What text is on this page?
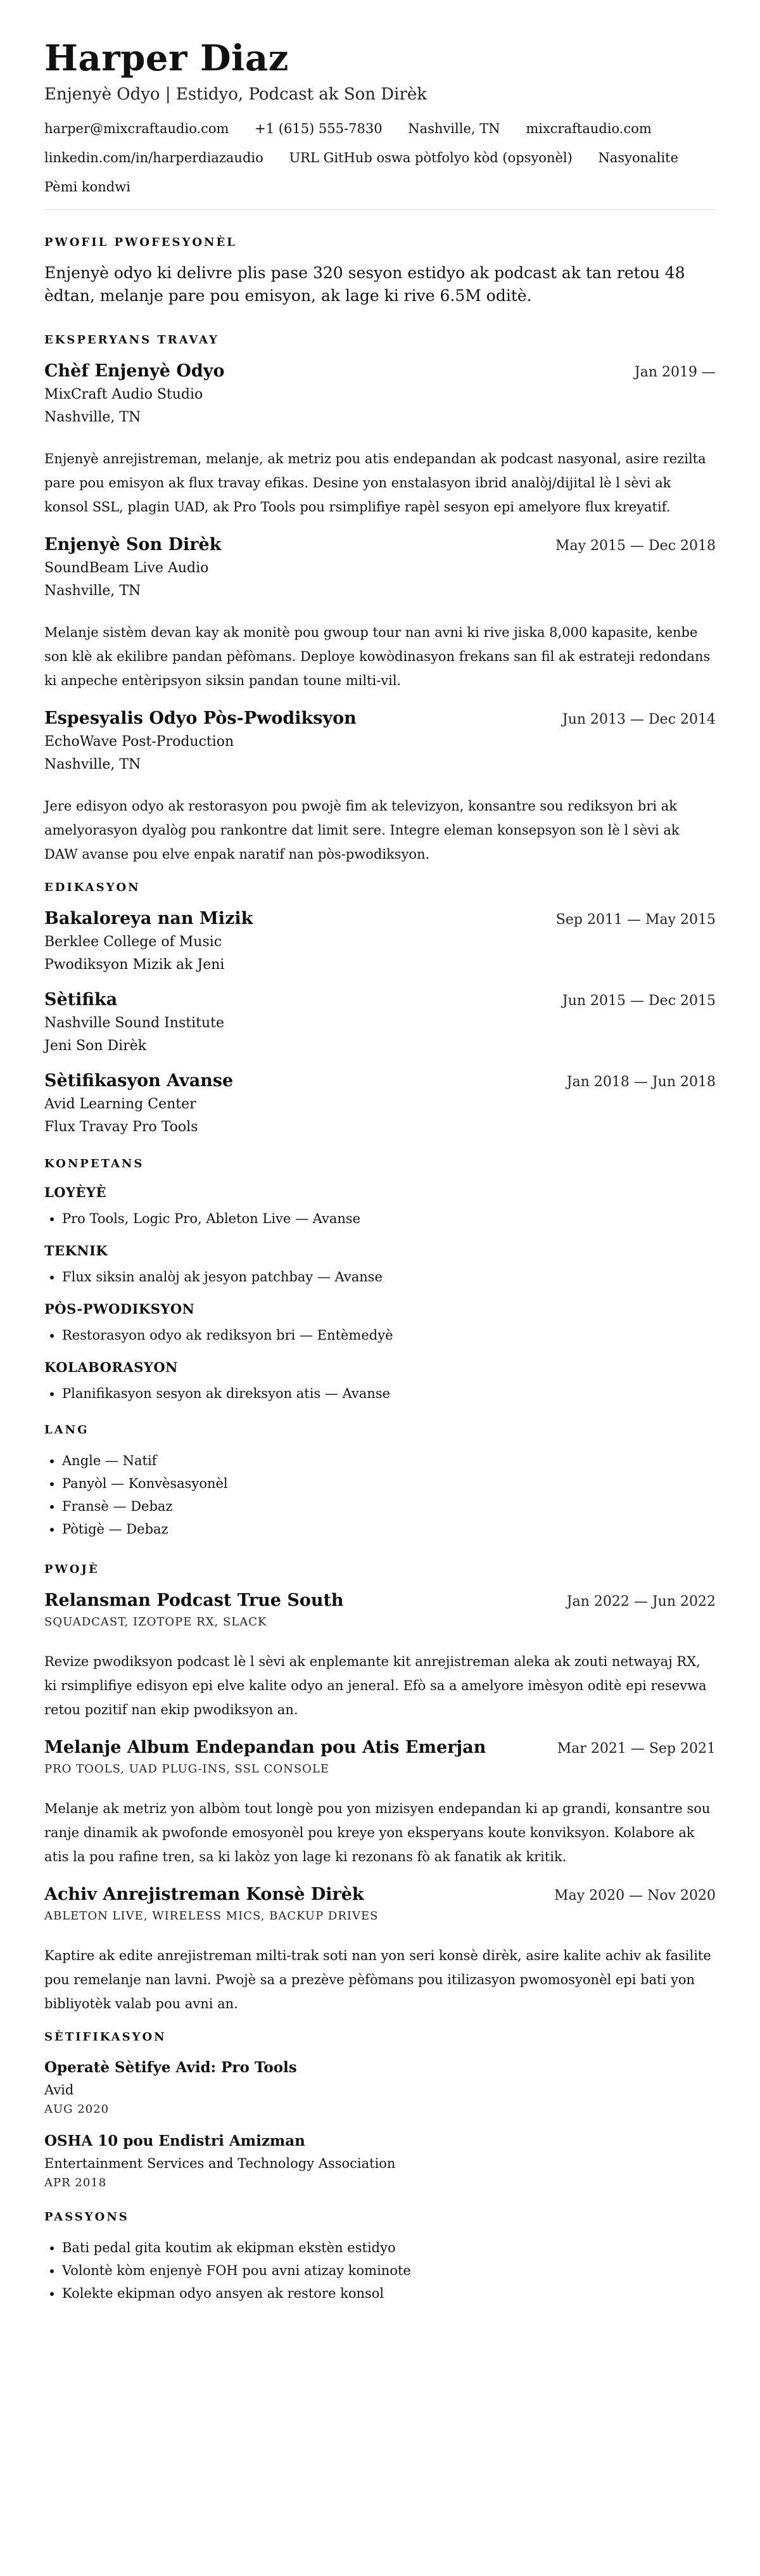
Harper Diaz
Enjenyè Odyo | Estidyo, Podcast ak Son Dirèk
harper@mixcraftaudio.com +1 (615) 555-7830 Nashville, TN mixcraftaudio.com
linkedin.com/in/harperdiazaudio URL GitHub oswa pòtfolyo kòd (opsyonèl) Nasyonalite
Pèmi kondwi
PWOFIL PWOFESYONÈL
Enjenyè odyo ki delivre plis pase 320 sesyon estidyo ak podcast ak tan retou 48 èdtan, melanje pare pou emisyon, ak lage ki rive 6.5M oditè.
EKSPERYANS TRAVAY
Chèf Enjenyè Odyo	Jan 2019 —
MixCraft Audio Studio
Nashville, TN
Enjenyè anrejistreman, melanje, ak metriz pou atis endepandan ak podcast nasyonal, asire rezilta pare pou emisyon ak flux travay efikas. Desine yon enstalasyon ibrid analòj/dijital lè l sèvi ak konsol SSL, plagin UAD, ak Pro Tools pou rsimplifiye rapèl sesyon epi amelyore flux kreyatif.
Enjenyè Son Dirèk	May 2015 — Dec 2018
SoundBeam Live Audio
Nashville, TN
Melanje sistèm devan kay ak monitè pou gwoup tour nan avni ki rive jiska 8,000 kapasite, kenbe son klè ak ekilibre pandan pèfòmans. Deploye kowòdinasyon frekans san fil ak estrateji redondans ki anpeche entèripsyon siksin pandan toune milti-vil.
Espesyalis Odyo Pòs-Pwodiksyon	Jun 2013 — Dec 2014
EchoWave Post-Production
Nashville, TN
Jere edisyon odyo ak restorasyon pou pwojè fim ak televizyon, konsantre sou rediksyon bri ak amelyorasyon dyalòg pou rankontre dat limit sere. Integre eleman konsepsyon son lè l sèvi ak DAW avanse pou elve enpak naratif nan pòs-pwodiksyon.
EDIKASYON
Bakaloreya nan Mizik	Sep 2011 — May 2015
Berklee College of Music
Pwodiksyon Mizik ak Jeni
Sètifika	Jun 2015 — Dec 2015
Nashville Sound Institute
Jeni Son Dirèk
Sètifikasyon Avanse	Jan 2018 — Jun 2018
Avid Learning Center
Flux Travay Pro Tools
KONPETANS
LOYÈYÈ
• Pro Tools, Logic Pro, Ableton Live — Avanse
TEKNIK
• Flux siksin analòj ak jesyon patchbay — Avanse
PÒS-PWODIKSYON
• Restorasyon odyo ak rediksyon bri — Entèmedyè
KOLABORASYON
• Planifikasyon sesyon ak direksyon atis — Avanse
LANG
• Angle — Natif
• Panyòl — Konvèsasyonèl
• Fransè — Debaz
• Pòtigè — Debaz
PWOJÈ
Relansman Podcast True South	Jan 2022 — Jun 2022
SQUADCAST, IZOTOPE RX, SLACK
Revize pwodiksyon podcast lè l sèvi ak enplemante kit anrejistreman aleka ak zouti netwayaj RX, ki rsimplifiye edisyon epi elve kalite odyo an jeneral. Efò sa a amelyore imèsyon oditè epi resevwa retou pozitif nan ekip pwodiksyon an.
Melanje Album Endepandan pou Atis Emerjan	Mar 2021 — Sep 2021
PRO TOOLS, UAD PLUG-INS, SSL CONSOLE
Melanje ak metriz yon albòm tout longè pou yon mizisyen endepandan ki ap grandi, konsantre sou ranje dinamik ak pwofonde emosyonèl pou kreye yon eksperyans koute konviksyon. Kolabore ak atis la pou rafine tren, sa ki lakòz yon lage ki rezonans fò ak fanatik ak kritik.
Achiv Anrejistreman Konsè Dirèk	May 2020 — Nov 2020
ABLETON LIVE, WIRELESS MICS, BACKUP DRIVES
Kaptire ak edite anrejistreman milti-trak soti nan yon seri konsè dirèk, asire kalite achiv ak fasilite pou remelanje nan lavni. Pwojè sa a prezève pèfòmans pou itilizasyon pwomosyonèl epi bati yon bibliyotèk valab pou avni an.
SÈTIFIKASYON
Operatè Sètifye Avid: Pro Tools
Avid
AUG 2020
OSHA 10 pou Endistri Amizman
Entertainment Services and Technology Association
APR 2018
PASSYONS
• Bati pedal gita koutim ak ekipman ekstèn estidyo
• Volontè kòm enjenyè FOH pou avni atizay kominote
• Kolekte ekipman odyo ansyen ak restore konsol
